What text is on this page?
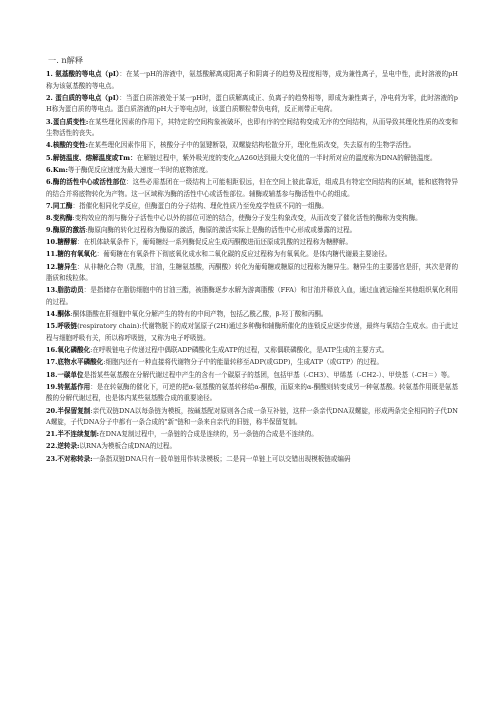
一. n解释

1. 氨基酸的等电点（pI）：在某一pH的溶液中，氨基酸解离成阳离子和阴离子的趋势及程度相等，成为兼性离子，呈电中性，此时溶液的pH称为该氨基酸的等电点。

2. 蛋白质的等电点（pI）：当蛋白质溶液处于某一pH时，蛋白质解离成正、负离子的趋势相等，即成为兼性离子，净电荷为零，此时溶液的pH称为蛋白质的等电点。蛋白质溶液的pH大于等电点时，该蛋白质颗粒带负电荷，反正则带正电荷。

3.蛋白质变性:在某些理化因素的作用下，其特定的空间构象被破坏，也即有序的空间结构变成无序的空间结构，从而导致其理化性质的改变和生物活性的丧失。

4.核酸的变性:在某些理化因素作用下，核酸分子中的氢键断裂，双螺旋结构松散分开，理化性质改变，失去原有的生物学活性。

5.解链温度、熔解温度或Tm：在解链过程中，紫外吸光度的变化△A260达到最大变化值的一半时所对应的温度称为DNA的解链温度。

6.Km:等于酶促反应速度为最大速度一半时的底物浓度。

6.酶的活性中心或活性部位：这些必需基团在一级结构上可能相距很远，但在空间上彼此靠近，组成具有特定空间结构的区域，能和底物特异的结合并将底物转化为产物。这一区域称为酶的活性中心或活性部位。辅酶或辅基参与酶活性中心的组成。

7.同工酶：指催化相同化学反应，但酶蛋白的分子结构、理化性质乃至免疫学性质不同的一组酶。

8.变构酶:变构效应的剂与酶分子活性中心以外的部位可逆的结合，使酶分子发生构象改变，从而改变了催化活性的酶称为变构酶。

9.酶原的激活:酶原向酶的转化过程称为酶原的激活，酶原的激活实际上是酶的活性中心形成或暴露的过程。

10.糖酵解：在机体缺氧条件下，葡萄糖经一系列酶促反应生成丙酮酸进而还原成乳酸的过程称为糖酵解。

11.糖的有氧氧化：葡萄糖在有氧条件下彻底氧化成水和二氧化碳的反应过程称为有氧氧化。是体内糖代谢最主要途径。

12.糖异生：从非糖化合物（乳酸，甘油，生糖氨基酸，丙酮酸）转化为葡萄糖或糖原的过程称为糖异生。糖异生的主要器官是肝，其次是肾的脂质和线粒体。

13.脂肪动员：是指储存在脂肪细胞中的甘油三酯，被脂酶逐步水解为游离脂酸（FFA）和甘油并释放入血，通过血液运输至其他组织氧化利用的过程。

14.酮体:酮体脂酸在肝细胞中氧化分解产生的特有的中间产物，包括乙酰乙酸，β-羟丁酸和丙酮。

15.呼吸链(respiratory chain):代谢物脱下的成对氢原子(2H)通过多种酶和辅酶所催化的连锁反应逐步传递，最终与氧结合生成水。由于此过程与细胞呼吸有关，所以称呼吸链，又称为电子呼吸链。

16.氧化磷酸化:在呼吸链电子传递过程中偶联ADP磷酸化生成ATP的过程，又称偶联磷酸化，是ATP生成的主要方式。

17.底物水平磷酸化:细胞内还有一种直接将代谢物分子中的能量转移至ADP(或GDP)，生成ATP（或GTP）的过程。

18.一碳单位是指某些氨基酸在分解代谢过程中产生的含有一个碳原子的基团，包括甲基（-CH3）、甲烯基（-CH2-）、甲炔基（-CH＝）等。

19.转氨基作用：是在转氨酶的催化下，可逆的把α-氨基酸的氨基转移给α-酮酸，而原来的α-酮酸则转变成另一种氨基酸。转氨基作用既是氨基酸的分解代谢过程，也是体内某些氨基酸合成的重要途径。

20.半保留复制:亲代双链DNA以每条链为模板，按碱基配对原则各合成一条互补链，这样一条亲代DNA双螺旋，形成两条完全相同的子代DNA螺旋，子代DNA分子中都有一条合成的"新"链和一条来自亲代的旧链，称半保留复制。

21.半不连续复制:在DNA复制过程中，一条链的合成是连续的，另一条链的合成是不连续的。

22.逆转录:以RNA为模板合成DNA的过程。

23.不对称转录:一条指双链DNA只有一股单链用作转录模板；二是同一单链上可以交错出现模板链或编码
